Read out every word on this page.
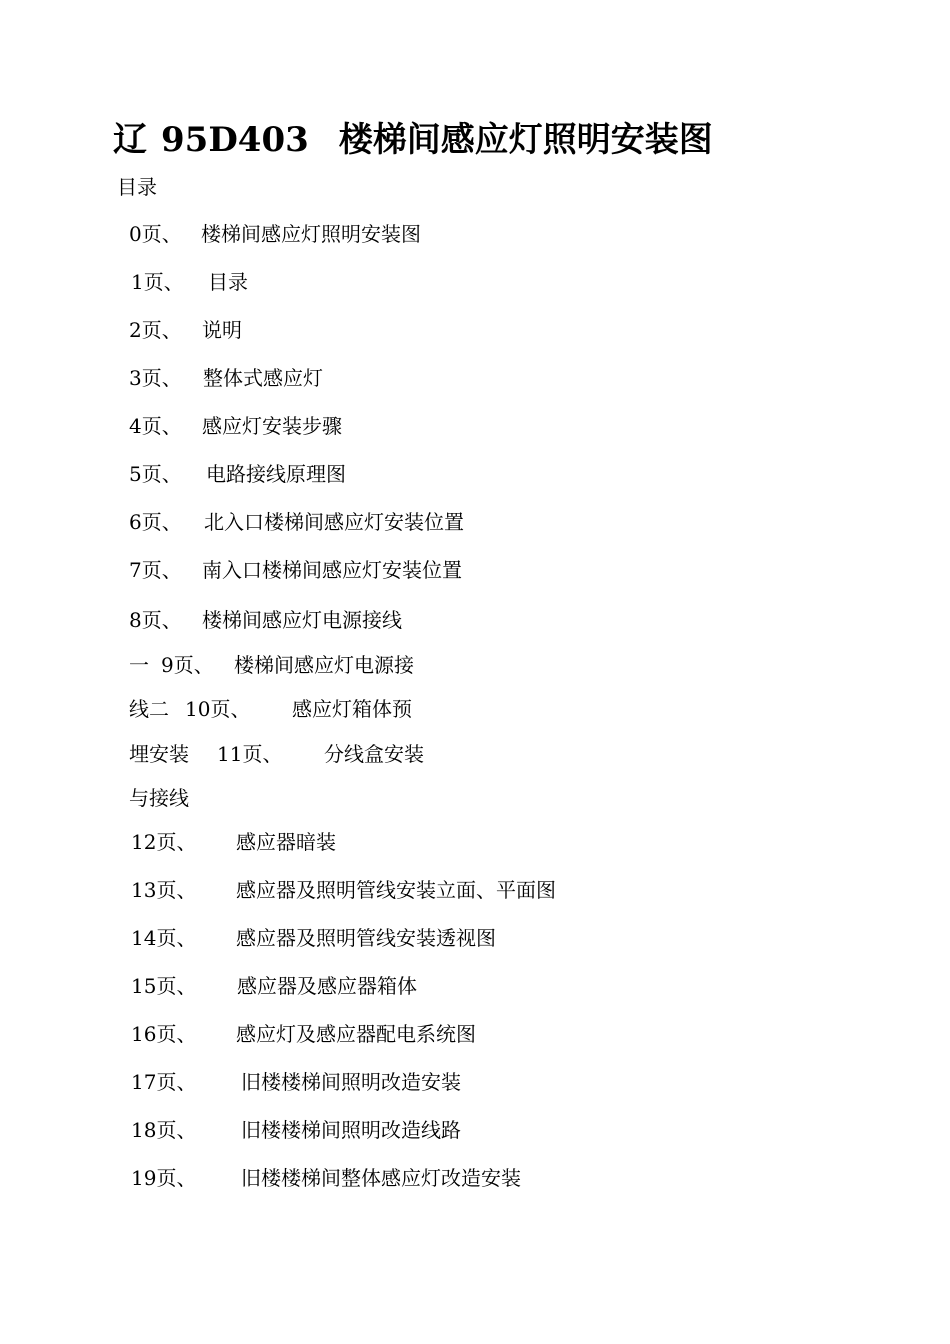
辽 95D403 楼梯间感应灯照明安装图
目录
0页、 楼梯间感应灯照明安装图
1页、 目录
2页、 说明
3页、 整体式感应灯
4页、 感应灯安装步骤
5页、 电路接线原理图
6页、 北入口楼梯间感应灯安装位置
7页、 南入口楼梯间感应灯安装位置
8页、 楼梯间感应灯电源接线
一 9页、 楼梯间感应灯电源接
线二 10页、 感应灯箱体预
埋安装 11页、 分线盒安装
与接线
12页、 感应器暗装
13页、 感应器及照明管线安装立面、平面图
14页、 感应器及照明管线安装透视图
15页、 感应器及感应器箱体
16页、 感应灯及感应器配电系统图
17页、 旧楼楼梯间照明改造安装
18页、 旧楼楼梯间照明改造线路
19页、 旧楼楼梯间整体感应灯改造安装
